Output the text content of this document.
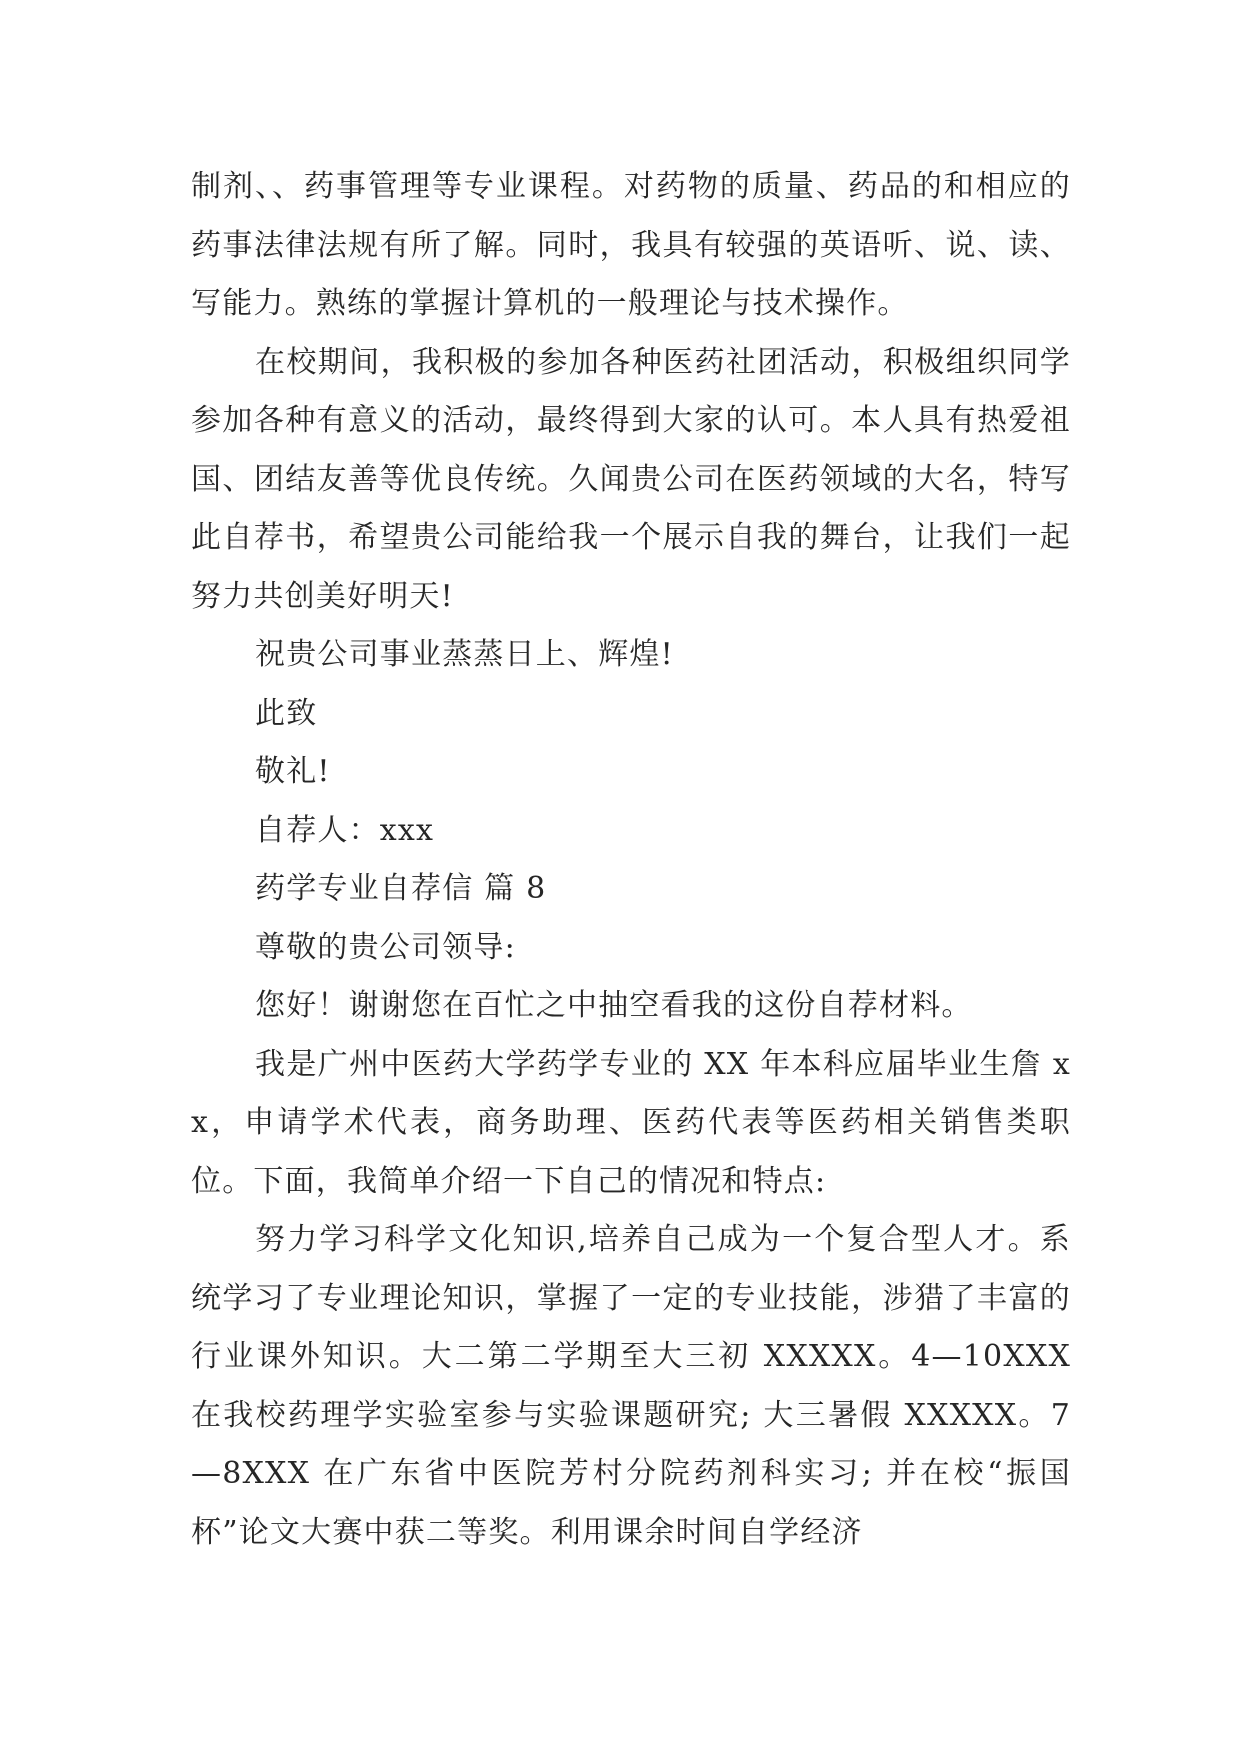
制剂、、药事管理等专业课程。对药物的质量、药品的和相应的药事法律法规有所了解。同时，我具有较强的英语听、说、读、写能力。熟练的掌握计算机的一般理论与技术操作。

在校期间，我积极的参加各种医药社团活动，积极组织同学参加各种有意义的活动，最终得到大家的认可。本人具有热爱祖国、团结友善等优良传统。久闻贵公司在医药领域的大名，特写此自荐书，希望贵公司能给我一个展示自我的舞台，让我们一起努力共创美好明天!

祝贵公司事业蒸蒸日上、辉煌!

此致

敬礼!

自荐人：xxx

药学专业自荐信 篇 8

尊敬的贵公司领导:

您好！谢谢您在百忙之中抽空看我的这份自荐材料。

我是广州中医药大学药学专业的 XX 年本科应届毕业生詹 xx，申请学术代表，商务助理、医药代表等医药相关销售类职位。下面，我简单介绍一下自己的情况和特点:

努力学习科学文化知识,培养自己成为一个复合型人才。系统学习了专业理论知识，掌握了一定的专业技能，涉猎了丰富的行业课外知识。大二第二学期至大三初 XXXXX。4—10XXX 在我校药理学实验室参与实验课题研究; 大三暑假 XXXXX。7—8XXX 在广东省中医院芳村分院药剂科实习; 并在校“振国杯”论文大赛中获二等奖。利用课余时间自学经济
